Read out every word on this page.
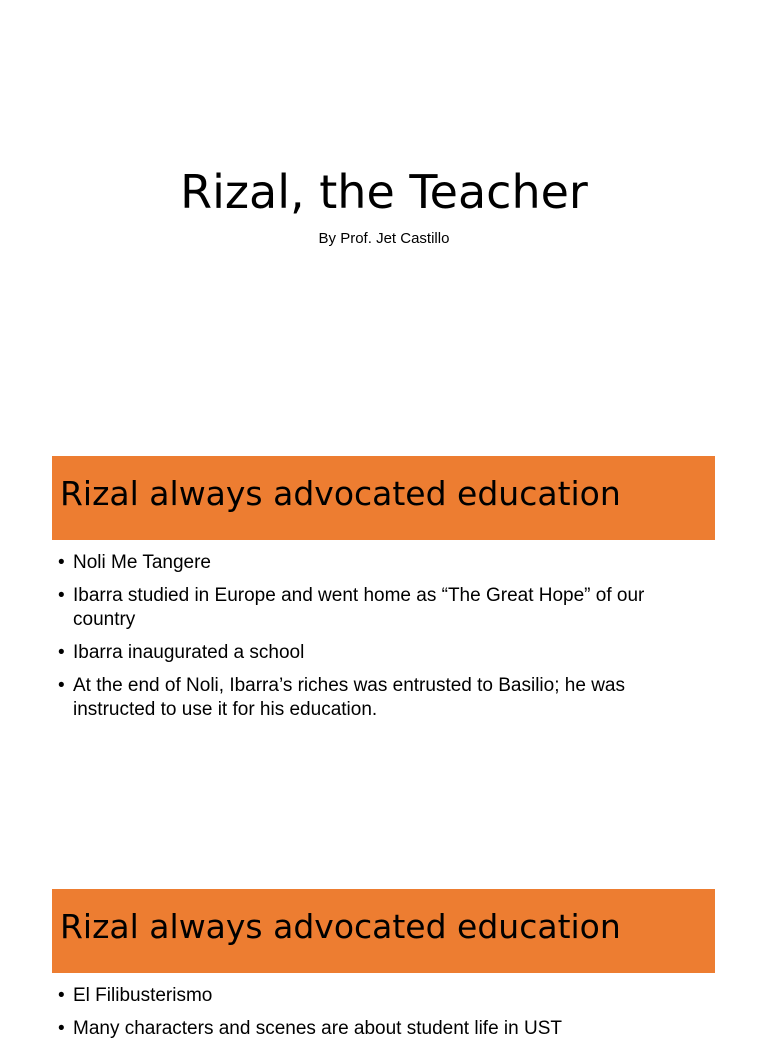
Rizal, the Teacher
By Prof. Jet Castillo
Rizal always advocated education
• Noli Me Tangere
• Ibarra studied in Europe and went home as “The Great Hope” of our country
• Ibarra inaugurated a school
• At the end of Noli, Ibarra’s riches was entrusted to Basilio; he was instructed to use it for his education.
Rizal always advocated education
• El Filibusterismo
• Many characters and scenes are about student life in UST
